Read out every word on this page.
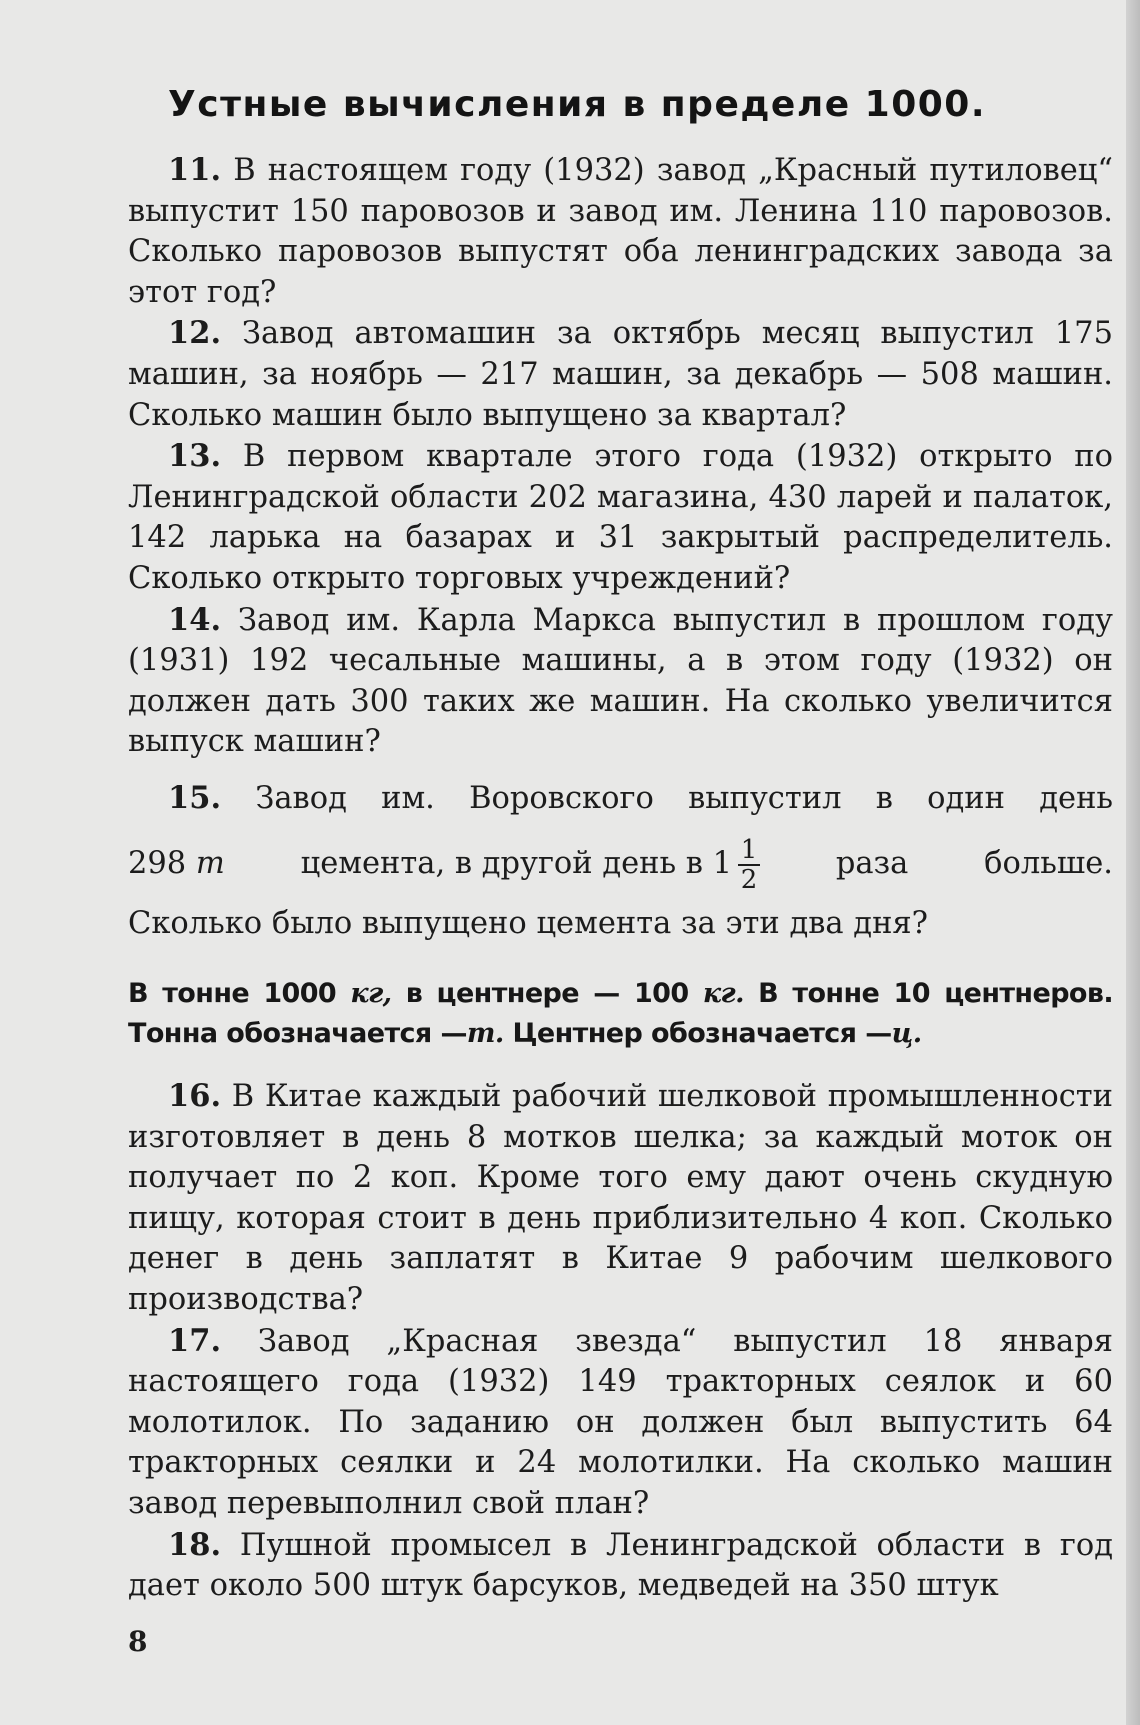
Устные вычисления в пределе 1000.

11. В настоящем году (1932) завод „Красный путиловец“ выпустит 150 паровозов и завод им. Ленина 110 паровозов. Сколько паровозов выпустят оба ленинградских завода за этот год?

12. Завод автомашин за октябрь месяц выпустил 175 машин, за ноябрь — 217 машин, за декабрь — 508 машин. Сколько машин было выпущено за квартал?

13. В первом квартале этого года (1932) открыто по Ленинградской области 202 магазина, 430 ларей и палаток, 142 ларька на базарах и 31 закрытый распределитель. Сколько открыто торговых учреждений?

14. Завод им. Карла Маркса выпустил в прошлом году (1931) 192 чесальные машины, а в этом году (1932) он должен дать 300 таких же машин. На сколько увеличится выпуск машин?

15. Завод им. Воровского выпустил в один день
298 т цемента, в другой день в $1 \frac{1}{2}$ раза больше.
Сколько было выпущено цемента за эти два дня?
В тонне 1000 кг, в центнере — 100 кг. В тонне 10 центнеров. Тонна обозначается —т. Центнер обозначается —ц.

16. В Китае каждый рабочий шелковой промышленности изготовляет в день 8 мотков шелка; за каждый моток он получает по 2 коп. Кроме того ему дают очень скудную пищу, которая стоит в день приблизительно 4 коп. Сколько денег в день заплатят в Китае 9 рабочим шелкового производства?

17. Завод „Красная звезда“ выпустил 18 января настоящего года (1932) 149 тракторных сеялок и 60 молотилок. По заданию он должен был выпустить 64 тракторных сеялки и 24 молотилки. На сколько машин завод перевыполнил свой план?

18. Пушной промысел в Ленинградской области в год дает около 500 штук барсуков, медведей на 350 штук

8
